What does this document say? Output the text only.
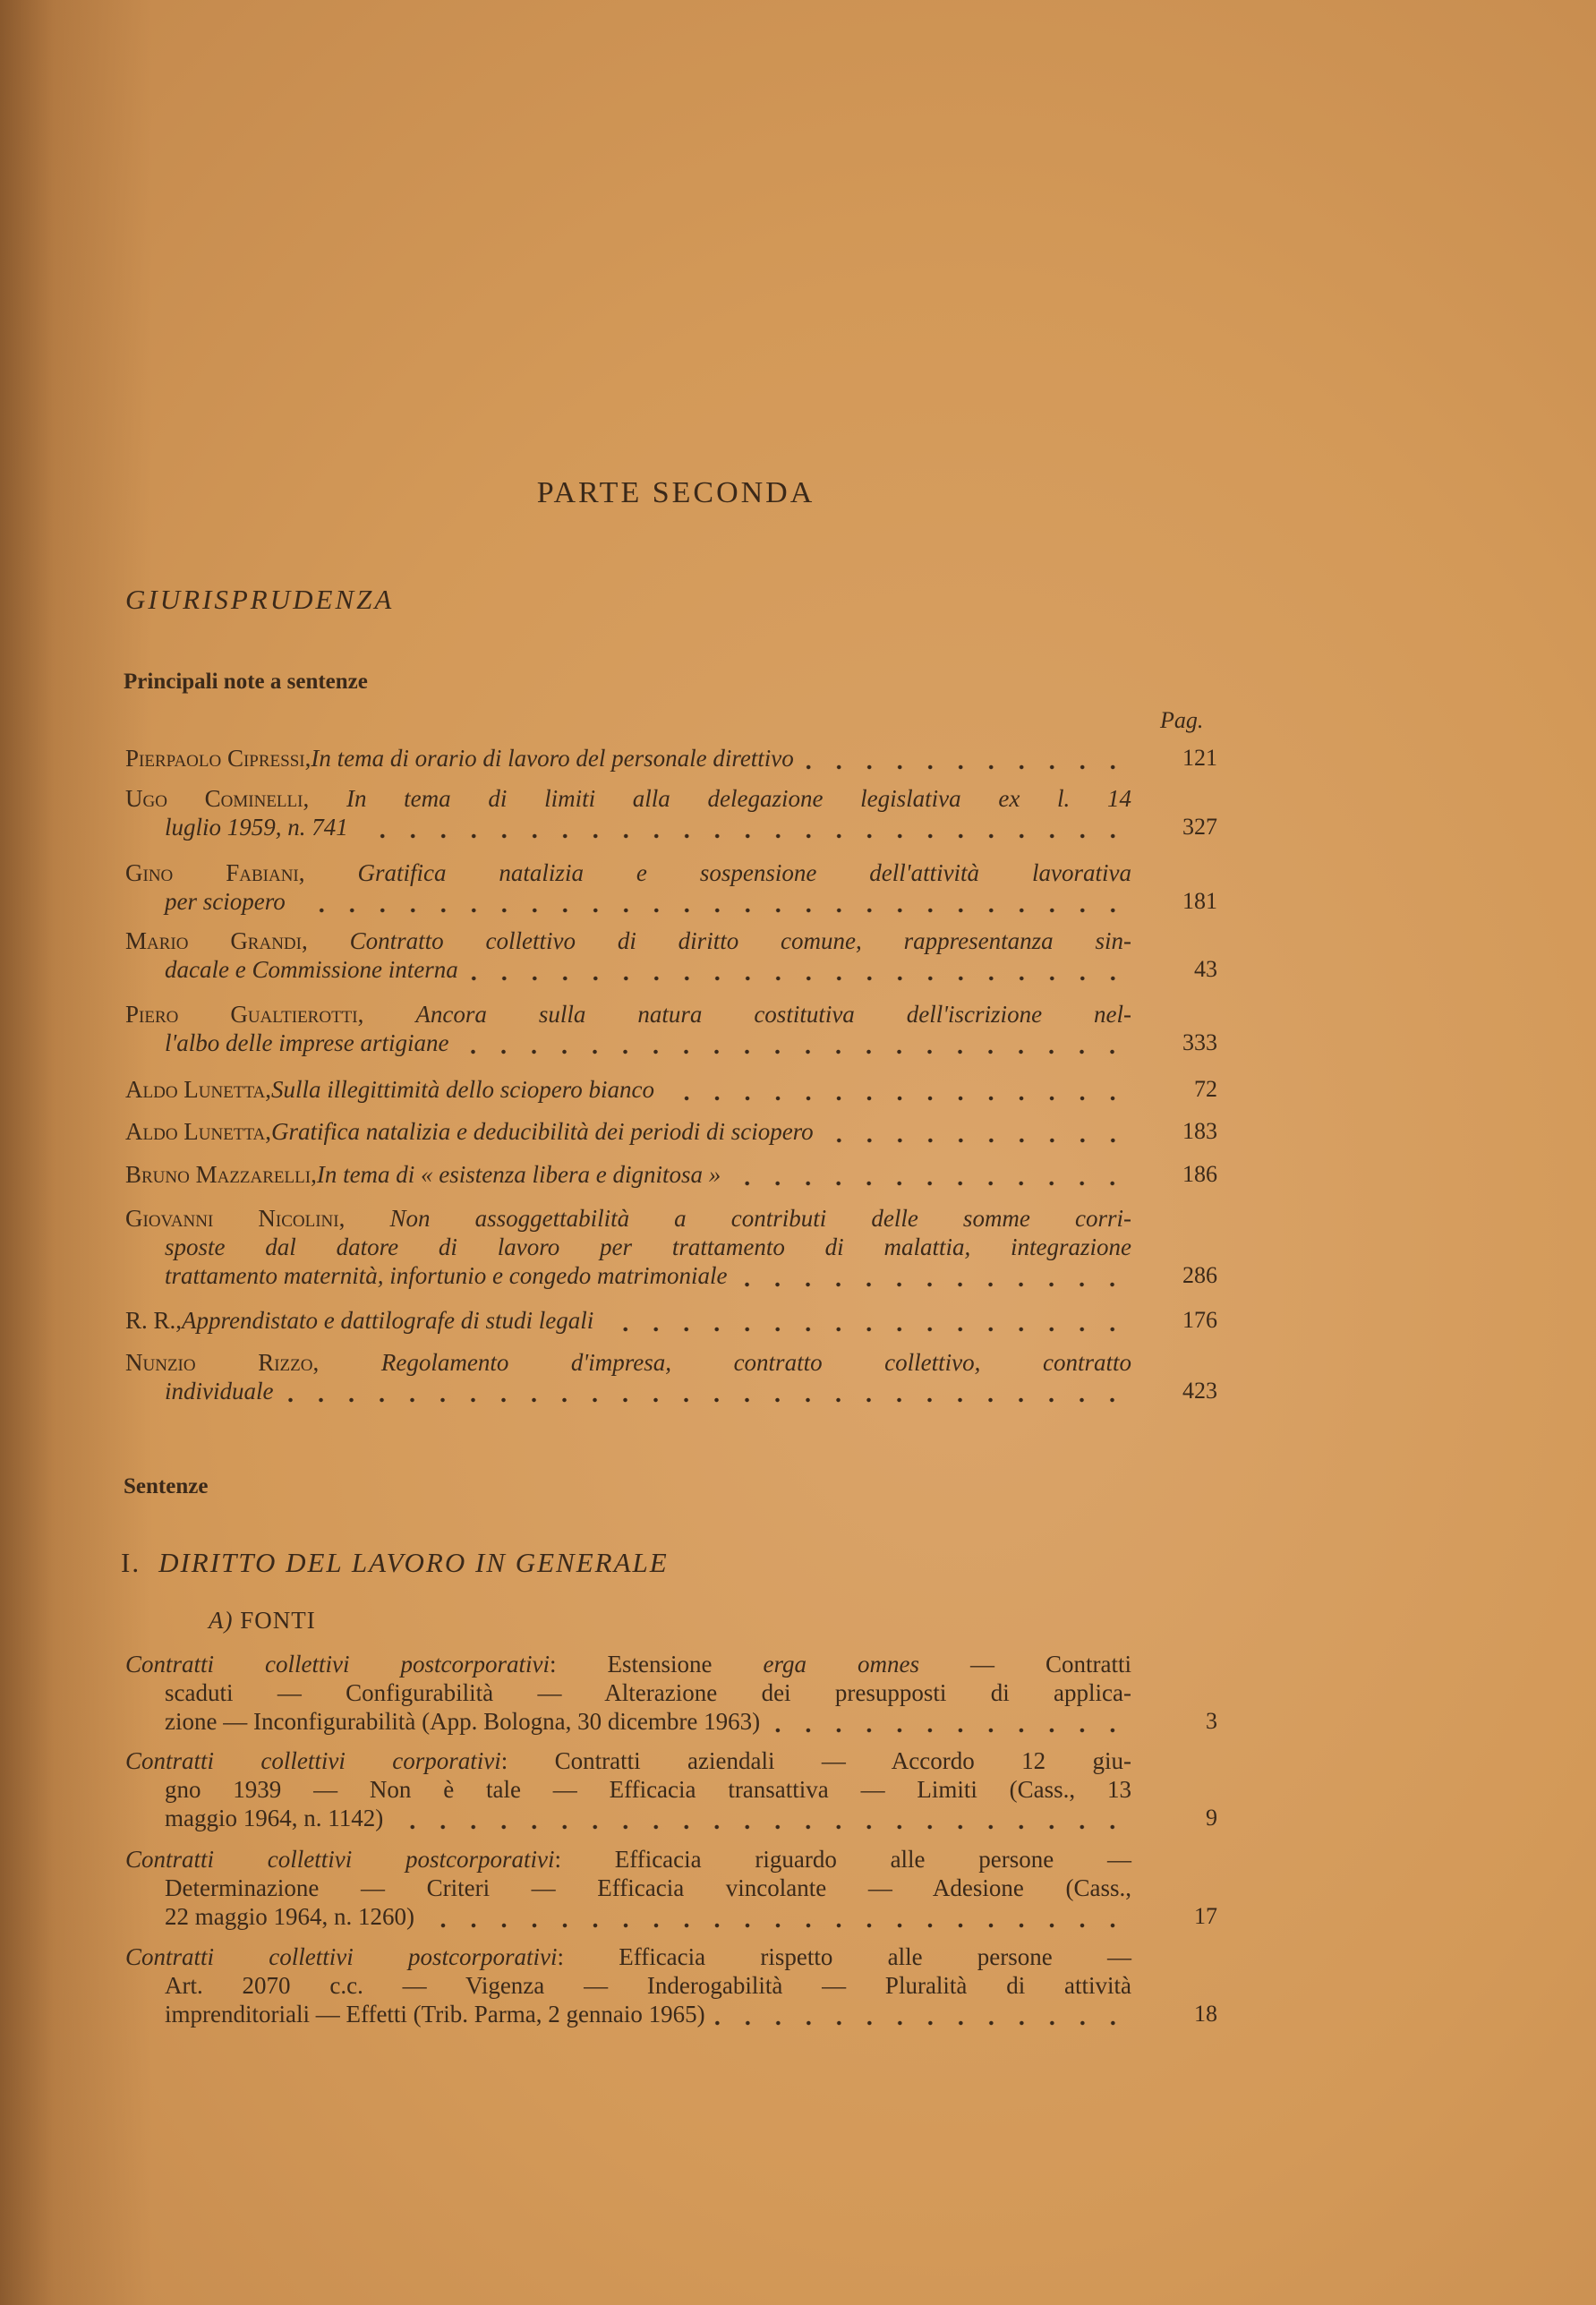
PARTE SECONDA
GIURISPRUDENZA
Principali note a sentenze
Pag.
Pierpaolo Cipressi , In tema di orario di lavoro del personale direttivo	121
Ugo Cominelli, In tema di limiti alla delegazione legislativa ex l. 14
luglio 1959, n. 741	327
Gino Fabiani, Gratifica natalizia e sospensione dell'attività lavorativa
per sciopero	181
Mario Grandi, Contratto collettivo di diritto comune, rappresentanza sin-
dacale e Commissione interna	43
Piero Gualtierotti, Ancora sulla natura costitutiva dell'iscrizione nel-
l'albo delle imprese artigiane	333
Aldo Lunetta , Sulla illegittimità dello sciopero bianco	72
Aldo Lunetta , Gratifica natalizia e deducibilità dei periodi di sciopero	183
Bruno Mazzarelli , In tema di « esistenza libera e dignitosa »	186
Giovanni Nicolini, Non assoggettabilità a contributi delle somme corri-
sposte dal datore di lavoro per trattamento di malattia, integrazione
trattamento maternità, infortunio e congedo matrimoniale	286
R. R. , Apprendistato e dattilografe di studi legali	176
Nunzio Rizzo, Regolamento d'impresa, contratto collettivo, contratto
individuale	423
Sentenze
I. DIRITTO DEL LAVORO IN GENERALE
A) FONTI
Contratti collettivi postcorporativi: Estensione erga omnes — Contratti
scaduti — Configurabilità — Alterazione dei presupposti di applica-
zione — Inconfigurabilità (App. Bologna, 30 dicembre 1963)	3
Contratti collettivi corporativi: Contratti aziendali — Accordo 12 giu-
gno 1939 — Non è tale — Efficacia transattiva — Limiti (Cass., 13
maggio 1964, n. 1142)	9
Contratti collettivi postcorporativi: Efficacia riguardo alle persone —
Determinazione — Criteri — Efficacia vincolante — Adesione (Cass.,
22 maggio 1964, n. 1260)	17
Contratti collettivi postcorporativi: Efficacia rispetto alle persone —
Art. 2070 c.c. — Vigenza — Inderogabilità — Pluralità di attività
imprenditoriali — Effetti (Trib. Parma, 2 gennaio 1965)	18
